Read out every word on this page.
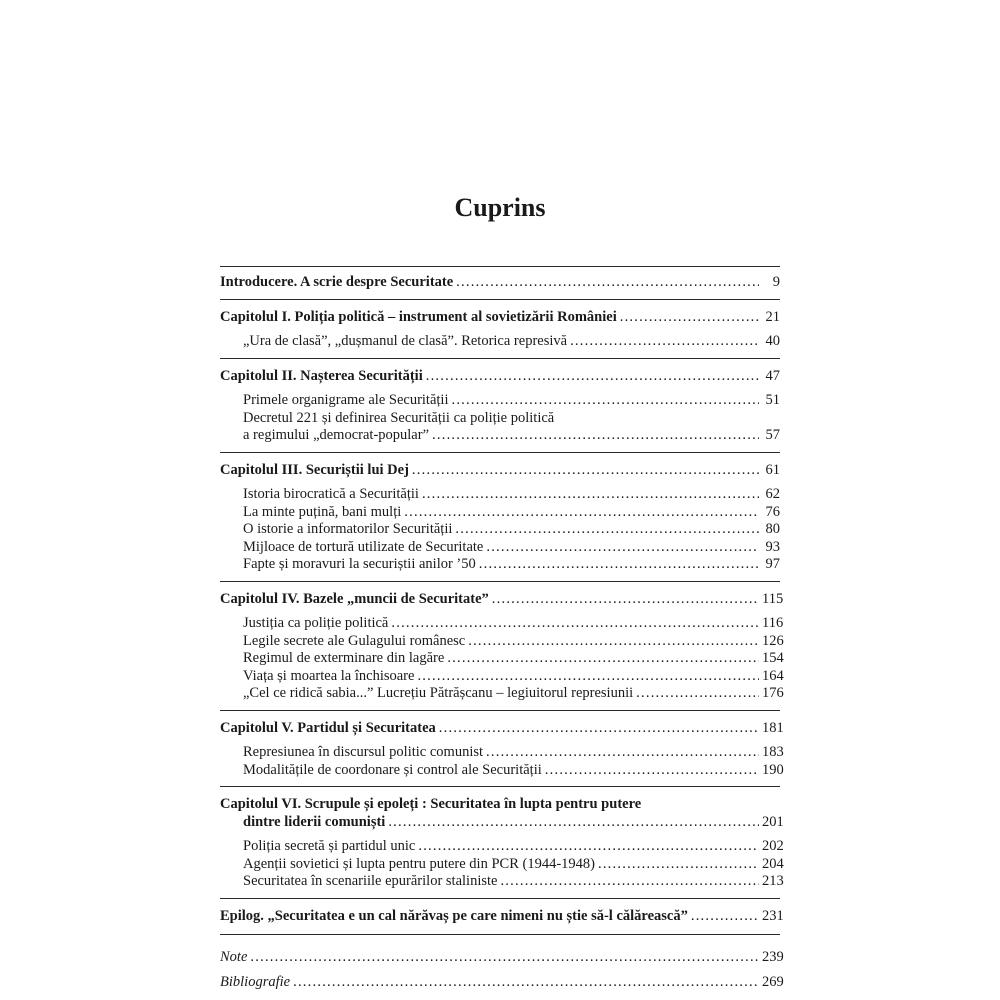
Cuprins
Introducere. A scrie despre Securitate . . .	9
Capitolul I. Poliția politică – instrument al sovietizării României . . .	21
„Ura de clasă”, „dușmanul de clasă”. Retorica represivă . . .	40
Capitolul II. Nașterea Securității . . .	47
Primele organigrame ale Securității . . .	51
Decretul 221 și definirea Securității ca poliție politică
a regimului „democrat-popular” . . .	57
Capitolul III. Securiștii lui Dej . . .	61
Istoria birocratică a Securității . . .	62
La minte puțină, bani mulți . . .	76
O istorie a informatorilor Securității . . .	80
Mijloace de tortură utilizate de Securitate . . .	93
Fapte și moravuri la securiștii anilor ’50 . . .	97
Capitolul IV. Bazele „muncii de Securitate” . . .	115
Justiția ca poliție politică . . .	116
Legile secrete ale Gulagului românesc . . .	126
Regimul de exterminare din lagăre . . .	154
Viața și moartea la închisoare . . .	164
„Cel ce ridică sabia...” Lucrețiu Pătrășcanu – legiuitorul represiunii . . .	176
Capitolul V. Partidul și Securitatea . . .	181
Represiunea în discursul politic comunist . . .	183
Modalitățile de coordonare și control ale Securității . . .	190
Capitolul VI. Scrupule și epoleți : Securitatea în lupta pentru putere
dintre liderii comuniști . . .	201
Poliția secretă și partidul unic . . .	202
Agenții sovietici și lupta pentru putere din PCR (1944-1948) . . .	204
Securitatea în scenariile epurărilor staliniste . . .	213
Epilog. „Securitatea e un cal nărăvaș pe care nimeni nu știe să-l călărească” . . .	231
Note . . .	239
Bibliografie . . .	269
